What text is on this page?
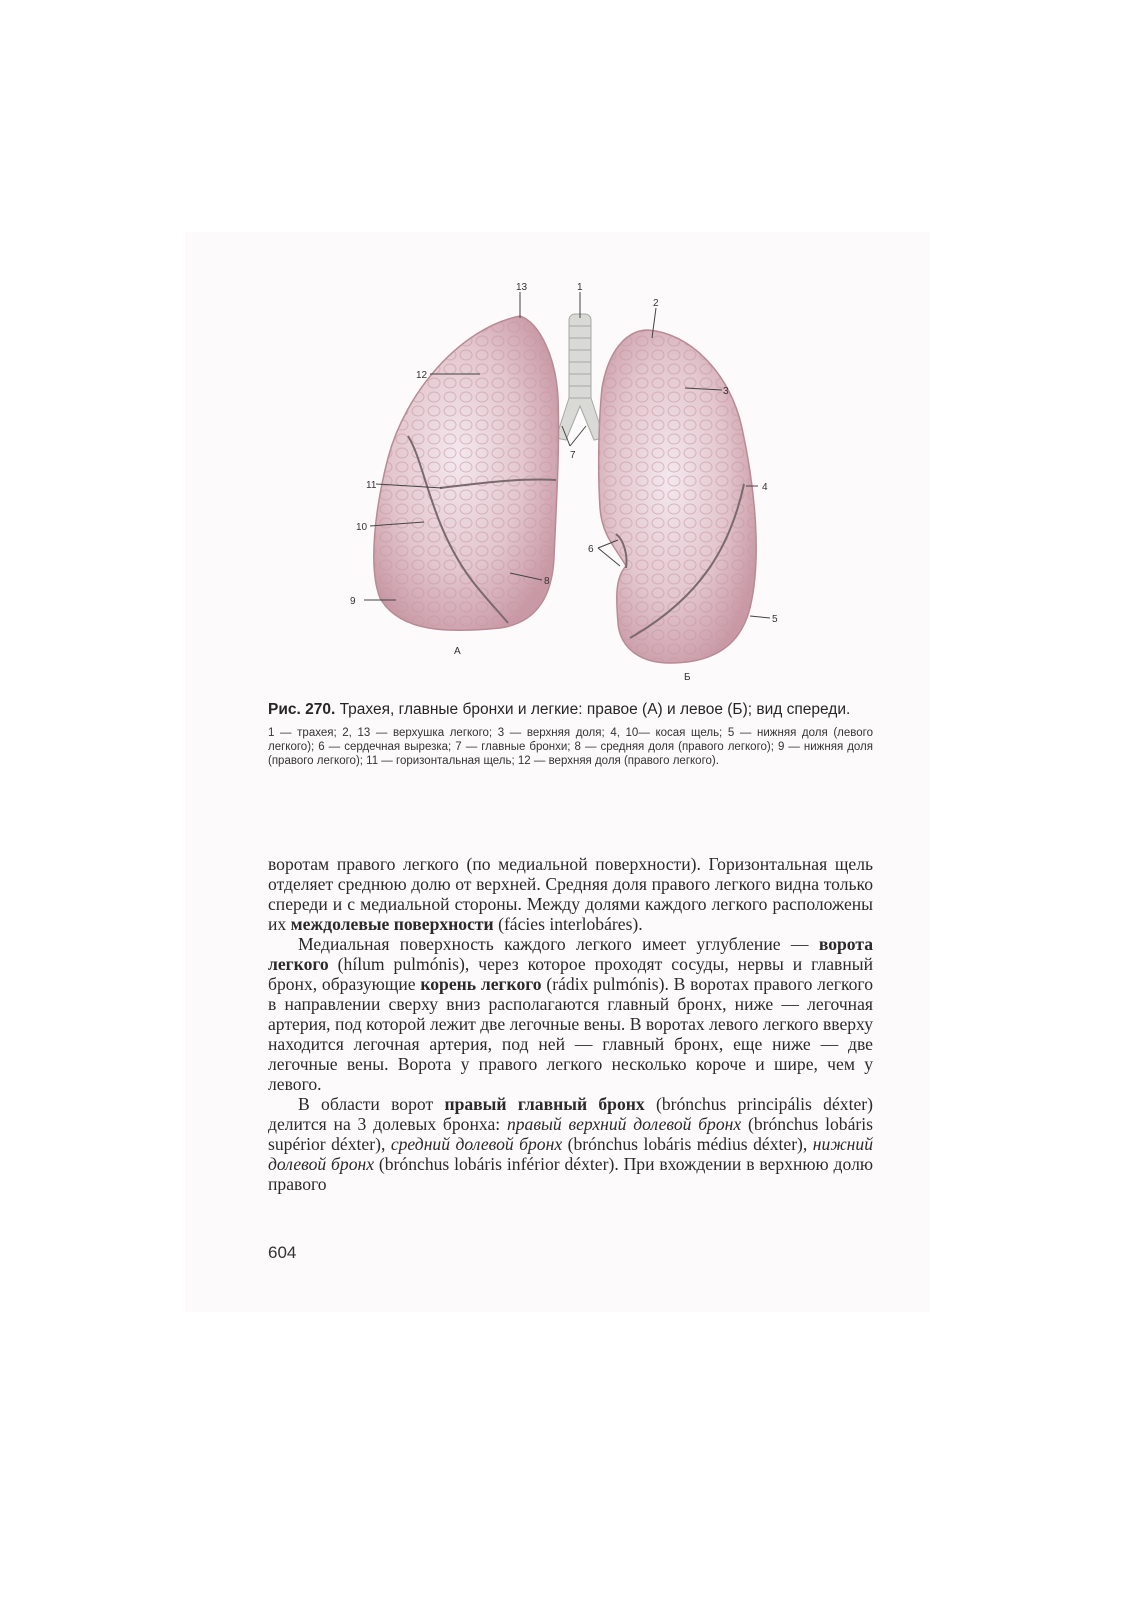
13	1
2
12
3
7
11	4
10
6
8
9
5
А
Б
Рис. 270. Трахея, главные бронхи и легкие: правое (А) и левое (Б); вид спереди.
1 — трахея; 2, 13 — верхушка легкого; 3 — верхняя доля; 4, 10— косая щель; 5 — нижняя доля (левого легкого); 6 — сердечная вырезка; 7 — главные бронхи; 8 — средняя доля (правого легкого); 9 — нижняя доля (правого легкого); 11 — горизонтальная щель; 12 — верхняя доля (правого легкого).

воротам правого легкого (по медиальной поверхности). Горизонтальная щель отделяет среднюю долю от верхней. Средняя доля правого легкого видна только спереди и с медиальной стороны. Между долями каждого легкого расположены их междолевые поверхности (fácies interlobáres).

Медиальная поверхность каждого легкого имеет углубление — ворота легкого (hílum pulmónis), через которое проходят сосуды, нервы и главный бронх, образующие корень легкого (rádix pulmónis). В воротах правого легкого в направлении сверху вниз располагаются главный бронх, ниже — легочная артерия, под которой лежит две легочные вены. В воротах левого легкого вверху находится легочная артерия, под ней — главный бронх, еще ниже — две легочные вены. Ворота у правого легкого несколько короче и шире, чем у левого.

В области ворот правый главный бронх (brónchus principális déxter) делится на 3 долевых бронха: правый верхний долевой бронх (brónchus lobáris supérior déxter), средний долевой бронх (brónchus lobáris médius déxter), нижний долевой бронх (brónchus lobáris inférior déxter). При вхождении в верхнюю долю правого

604
